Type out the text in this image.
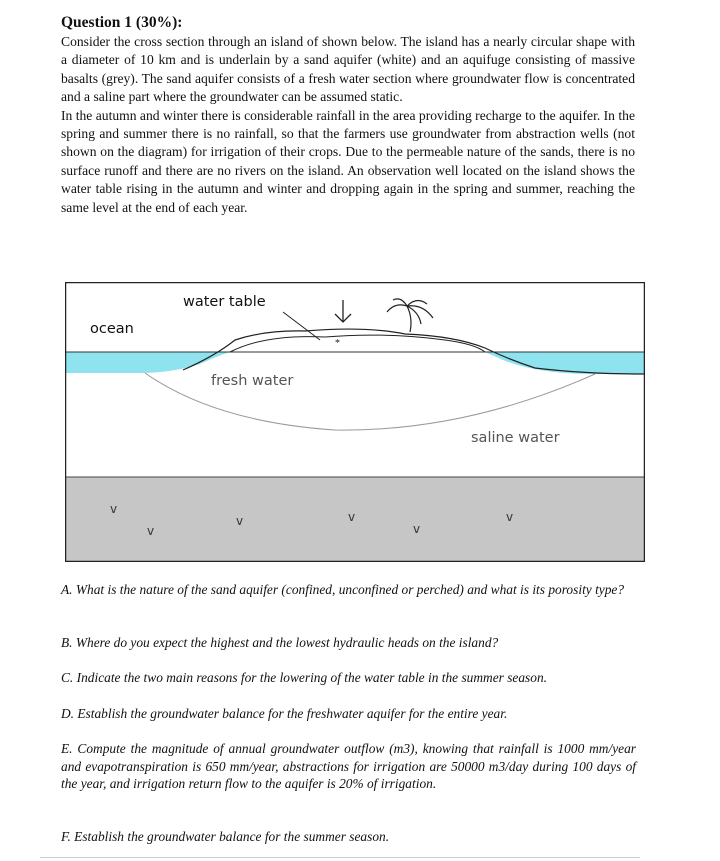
Question 1 (30%):

Consider the cross section through an island of shown below. The island has a nearly circular shape with a diameter of 10 km and is underlain by a sand aquifer (white) and an aquifuge consisting of massive basalts (grey). The sand aquifer consists of a fresh water section where groundwater flow is concentrated and a saline part where the groundwater can be assumed static.

In the autumn and winter there is considerable rainfall in the area providing recharge to the aquifer. In the spring and summer there is no rainfall, so that the farmers use groundwater from abstraction wells (not shown on the diagram) for irrigation of their crops. Due to the permeable nature of the sands, there is no surface runoff and there are no rivers on the island. An observation well located on the island shows the water table rising in the autumn and winter and dropping again in the spring and summer, reaching the same level at the end of each year.

water table
ocean
fresh water
saline water
*
v
v
v	v
v
v

A. What is the nature of the sand aquifer (confined, unconfined or perched) and what is its porosity type?

B. Where do you expect the highest and the lowest hydraulic heads on the island?

C. Indicate the two main reasons for the lowering of the water table in the summer season.

D. Establish the groundwater balance for the freshwater aquifer for the entire year.

E. Compute the magnitude of annual groundwater outflow (m3), knowing that rainfall is 1000 mm/year and evapotranspiration is 650 mm/year, abstractions for irrigation are 50000 m3/day during 100 days of the year, and irrigation return flow to the aquifer is 20% of irrigation.

F. Establish the groundwater balance for the summer season.
